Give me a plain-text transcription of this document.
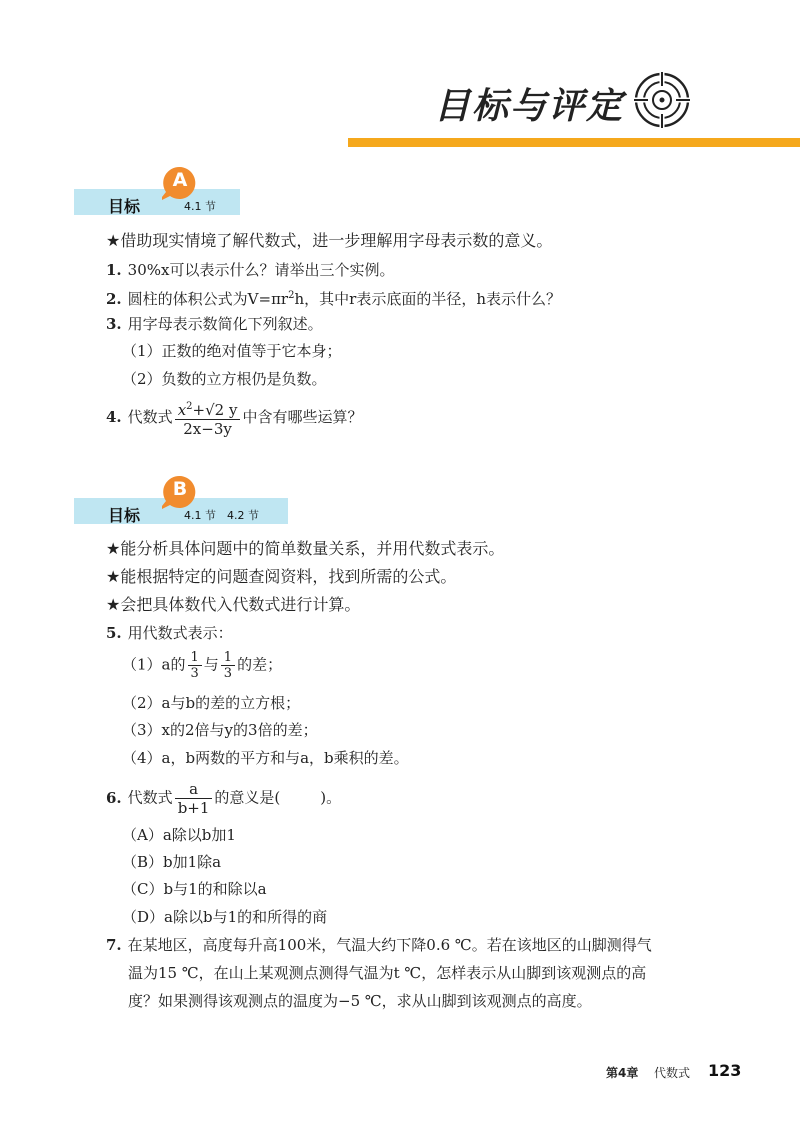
目标与评定
目标
A
4.1 节
★借助现实情境了解代数式，进一步理解用字母表示数的意义。
1. 30%x可以表示什么？请举出三个实例。
2. 圆柱的体积公式为$V=\pi r^2h$，其中r表示底面的半径，h表示什么？
3. 用字母表示数简化下列叙述。
（1）正数的绝对值等于它本身；
（2）负数的立方根仍是负数。
4. 代数式 $\frac{x^2+√2 y}{2x-3y}$ 中含有哪些运算？
目标
B
4.1 节　4.2 节
★能分析具体问题中的简单数量关系，并用代数式表示。
★能根据特定的问题查阅资料，找到所需的公式。
★会把具体数代入代数式进行计算。
5. 用代数式表示：
（1）a的 $\frac{1}{3}$ 与 $\frac{1}{3}$ 的差；
（2）a与b的差的立方根；
（3）x的2倍与y的3倍的差；
（4）a，b两数的平方和与a，b乘积的差。
6. 代数式 $\frac{a}{b+1}$ 的意义是(	)。
（A）a除以b加1
（B）b加1除a
（C）b与1的和除以a
（D）a除以b与1的和所得的商
7. 在某地区，高度每升高100米，气温大约下降0.6 ℃。若在该地区的山脚测得气
温为15 ℃，在山上某观测点测得气温为t ℃，怎样表示从山脚到该观测点的高
度？如果测得该观测点的温度为−5 ℃，求从山脚到该观测点的高度。
第4章 代数式 123
